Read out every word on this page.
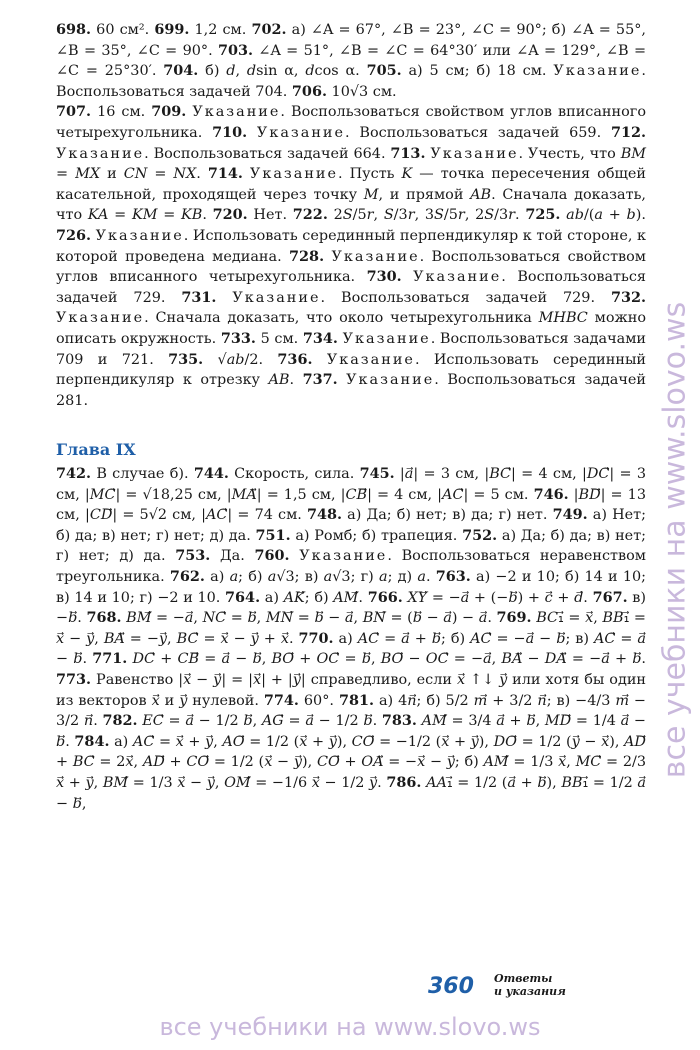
698. 60 см². 699. 1,2 см. 702. а) ∠A = 67°, ∠B = 23°, ∠C = 90°; б) ∠A = 55°, ∠B = 35°, ∠C = 90°. 703. ∠A = 51°, ∠B = ∠C = 64°30′ или ∠A = 129°, ∠B = ∠C = 25°30′. 704. б) d, dsin α, dcos α. 705. а) 5 см; б) 18 см. Указание. Воспользоваться задачей 704. 706. 10√3 см.

707. 16 см. 709. Указание. Воспользоваться свойством углов вписанного четырехугольника. 710. Указание. Воспользоваться задачей 659. 712. Указание. Воспользоваться задачей 664. 713. Указание. Учесть, что BM = MX и CN = NX. 714. Указание. Пусть K — точка пересечения общей касательной, проходящей через точку M, и прямой AB. Сначала доказать, что KA = KM = KB. 720. Нет. 722. 2S/5r, S/3r, 3S/5r, 2S/3r. 725. ab/(a + b). 726. Указание. Использовать серединный перпендикуляр к той стороне, к которой проведена медиана. 728. Указание. Воспользоваться свойством углов вписанного четырехугольника. 730. Указание. Воспользоваться задачей 729. 731. Указание. Воспользоваться задачей 729. 732. Указание. Сначала доказать, что около четырехугольника MHBC можно описать окружность. 733. 5 см. 734. Указание. Воспользоваться задачами 709 и 721. 735. √ab/2. 736. Указание. Использовать серединный перпендикуляр к отрезку AB. 737. Указание. Воспользоваться задачей 281.

Глава IX

742. В случае б). 744. Скорость, сила. 745. |a⃗| = 3 см, |BC⃗| = 4 см, |DC⃗| = 3 см, |MC⃗| = √18,25 см, |MA⃗| = 1,5 см, |CB⃗| = 4 см, |AC⃗| = 5 см. 746. |BD⃗| = 13 см, |CD⃗| = 5√2 см, |AC⃗| = 74 см. 748. а) Да; б) нет; в) да; г) нет. 749. а) Нет; б) да; в) нет; г) нет; д) да. 751. а) Ромб; б) трапеция. 752. а) Да; б) да; в) нет; г) нет; д) да. 753. Да. 760. Указание. Воспользоваться неравенством треугольника. 762. а) a; б) a√3; в) a√3; г) a; д) a. 763. а) −2 и 10; б) 14 и 10; в) 14 и 10; г) −2 и 10. 764. а) AK⃗; б) AM⃗. 766. XY⃗ = −a⃗ + (−b⃗) + c⃗ + d⃗. 767. в) −b⃗. 768. BM⃗ = −a⃗, NC⃗ = b⃗, MN⃗ = b⃗ − a⃗, BN⃗ = (b⃗ − a⃗) − a⃗. 769. BC₁⃗ = x⃗, BB₁⃗ = x⃗ − y⃗, BA⃗ = −y⃗, BC⃗ = x⃗ − y⃗ + x⃗. 770. а) AC⃗ = a⃗ + b⃗; б) AC⃗ = −a⃗ − b⃗; в) AC⃗ = a − b⃗. 771. DC⃗ + CB⃗ = a⃗ − b⃗, BO⃗ + OC⃗ = b⃗, BO⃗ − OC⃗ = −a⃗, BA⃗ − DA⃗ = −a⃗ + b⃗. 773. Равенство |x⃗ − y⃗| = |x⃗| + |y⃗| справедливо, если x⃗ ↑↓ y⃗ или хотя бы один из векторов x⃗ и y⃗ нулевой. 774. 60°. 781. а) 4n⃗; б) 5/2 m⃗ + 3/2 n⃗; в) −4/3 m⃗ − 3/2 n⃗. 782. EC⃗ = a⃗ − 1/2 b⃗, AG⃗ = a⃗ − 1/2 b⃗. 783. AM⃗ = 3/4 a⃗ + b⃗, MD⃗ = 1/4 a⃗ − b⃗. 784. а) AC⃗ = x⃗ + y⃗, AO⃗ = 1/2 (x⃗ + y⃗), CO⃗ = −1/2 (x⃗ + y⃗), DO⃗ = 1/2 (y⃗ − x⃗), AD + BC⃗ = 2x⃗, AD⃗ + CO⃗ = 1/2 (x⃗ − y⃗), CO⃗ + OA⃗ = −x⃗ − y⃗; б) AM⃗ = 1/3 x⃗, MC⃗ = 2/3 x⃗ + y⃗, BM⃗ = 1/3 x⃗ − y⃗, OM⃗ = −1/6 x⃗ − 1/2 y⃗. 786. AA₁⃗ = 1/2 (a⃗ + b⃗), BB₁⃗ = 1/2 a − b⃗,

360 Ответы
и указания
все учебники на www.slovo.ws
все учебники на www.slovo.ws
